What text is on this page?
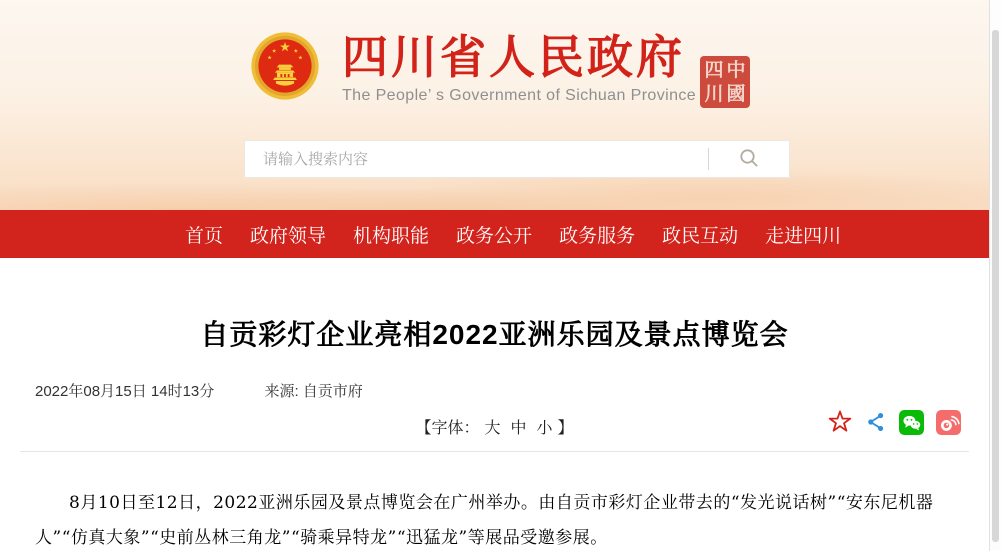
四川省人民政府
The People’ s Government of Sichuan Province
四 中
川 國
请输入搜索内容
首页 政府领导 机构职能 政务公开 政务服务 政民互动 走进四川
自贡彩灯企业亮相2022亚洲乐园及景点博览会
2022年08月15日 14时13分	来源: 自贡市府
【字体： 大 中 小 】

8月10日至12日，2022亚洲乐园及景点博览会在广州举办。由自贡市彩灯企业带去的“发光说话树”“安东尼机器人”“仿真大象”“史前丛林三角龙”“骑乘异特龙”“迅猛龙”等展品受邀参展。
